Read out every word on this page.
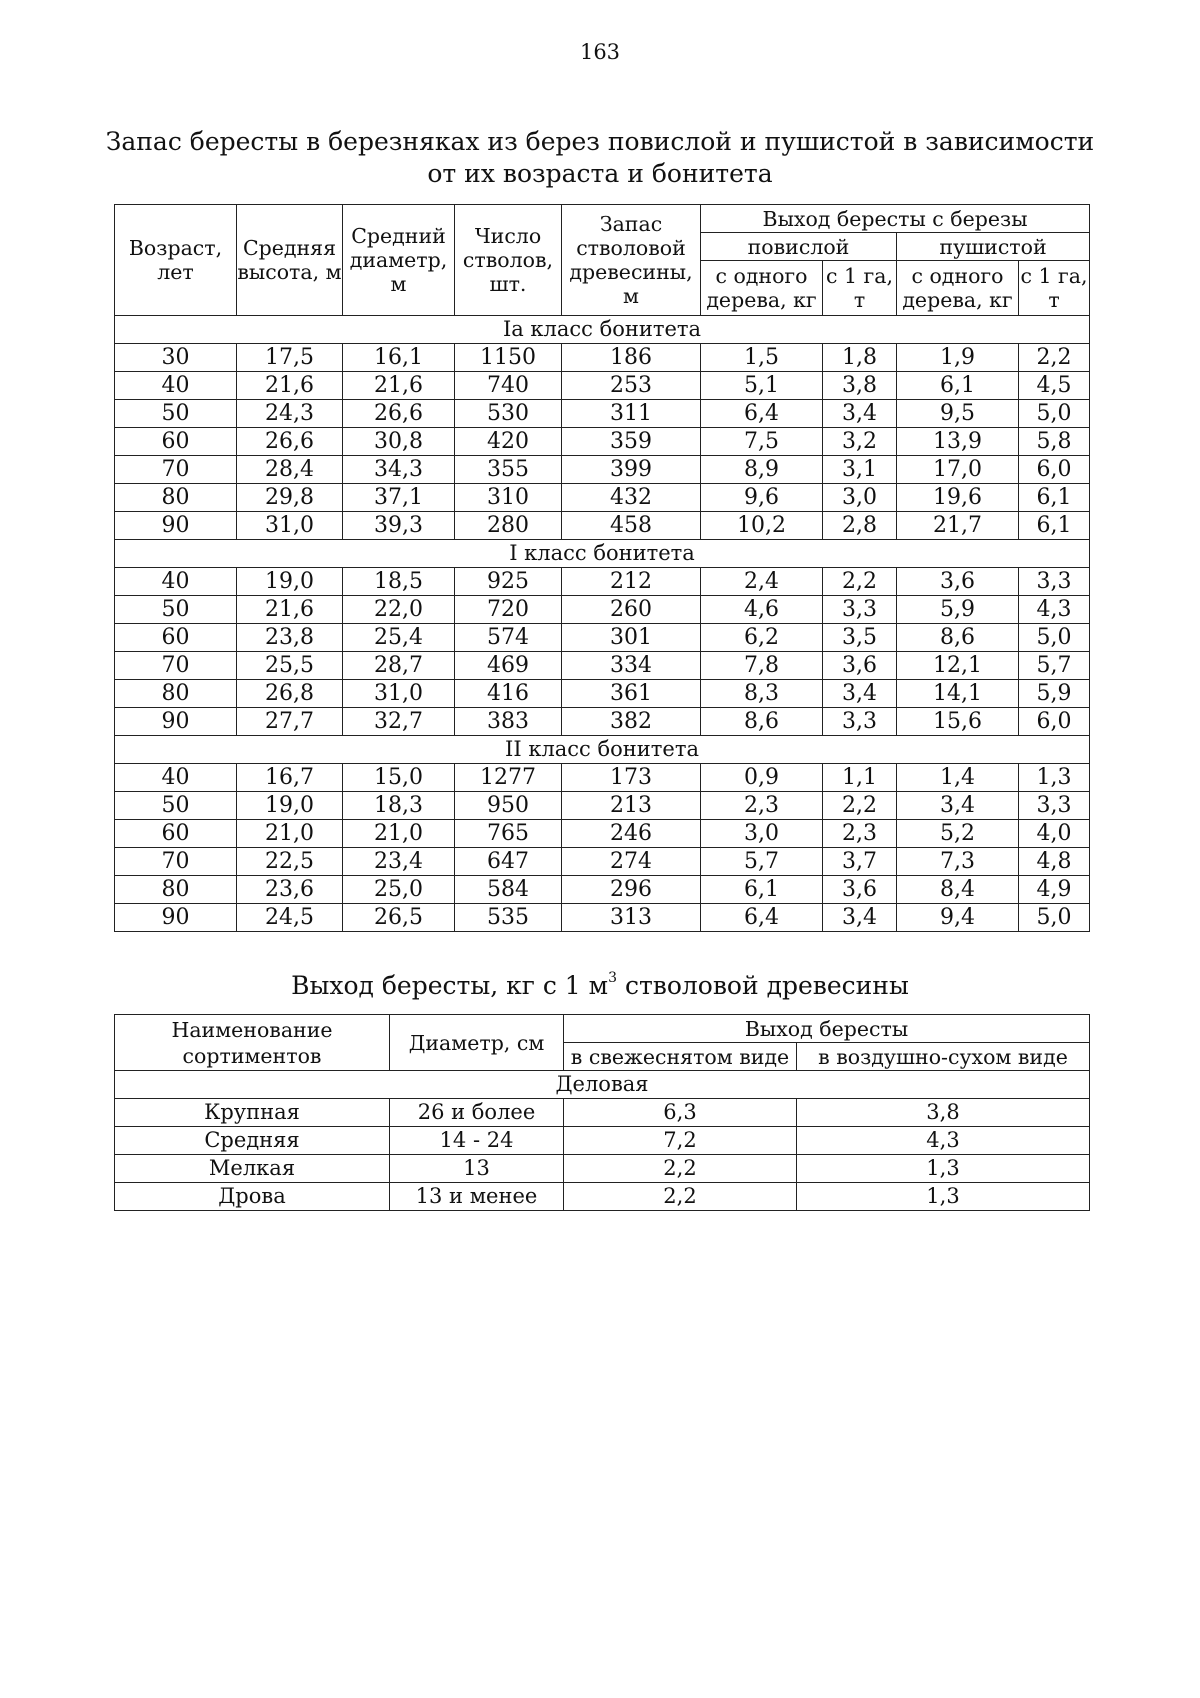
163
Запас бересты в березняках из берез повислой и пушистой в зависимости от их возраста и бонитета
Возраст, лет	Средняя высота, м	Средний диаметр, м	Число стволов, шт.	Запас стволовой древесины, м	Выход бересты с березы			
					повислой		пушистой	
					с одного дерева, кг	с 1 га, т	с одного дерева, кг	с 1 га, т

Iа класс бонитета								
30	17,5	16,1	1150	186	1,5	1,8	1,9	2,2
40	21,6	21,6	740	253	5,1	3,8	6,1	4,5
50	24,3	26,6	530	311	6,4	3,4	9,5	5,0
60	26,6	30,8	420	359	7,5	3,2	13,9	5,8
70	28,4	34,3	355	399	8,9	3,1	17,0	6,0
80	29,8	37,1	310	432	9,6	3,0	19,6	6,1
90	31,0	39,3	280	458	10,2	2,8	21,7	6,1
I класс бонитета								
40	19,0	18,5	925	212	2,4	2,2	3,6	3,3
50	21,6	22,0	720	260	4,6	3,3	5,9	4,3
60	23,8	25,4	574	301	6,2	3,5	8,6	5,0
70	25,5	28,7	469	334	7,8	3,6	12,1	5,7
80	26,8	31,0	416	361	8,3	3,4	14,1	5,9
90	27,7	32,7	383	382	8,6	3,3	15,6	6,0
II класс бонитета								
40	16,7	15,0	1277	173	0,9	1,1	1,4	1,3
50	19,0	18,3	950	213	2,3	2,2	3,4	3,3
60	21,0	21,0	765	246	3,0	2,3	5,2	4,0
70	22,5	23,4	647	274	5,7	3,7	7,3	4,8
80	23,6	25,0	584	296	6,1	3,6	8,4	4,9
90	24,5	26,5	535	313	6,4	3,4	9,4	5,0
Выход бересты, кг с 1 $м^3$ стволовой древесины
Наименование сортиментов	Диаметр, см	Выход бересты	
		в свежеснятом виде	в воздушно-сухом виде
Деловая			
Крупная	26 и более	6,3	3,8
Средняя	14 - 24	7,2	4,3
Мелкая	13	2,2	1,3
Дрова	13 и менее	2,2	1,3
